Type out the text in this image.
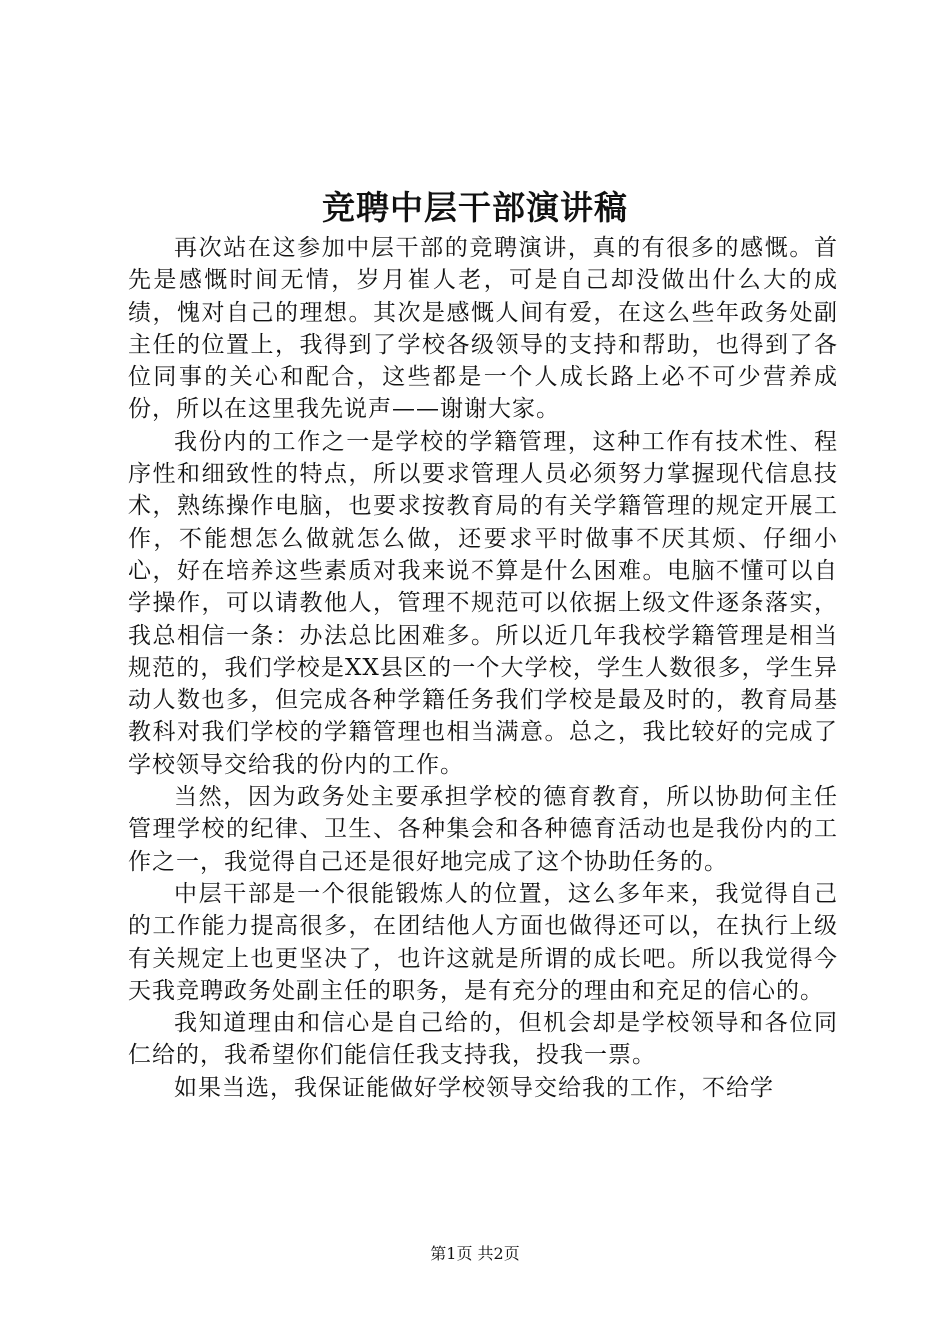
竞聘中层干部演讲稿

再次站在这参加中层干部的竞聘演讲，真的有很多的感慨。首先是感慨时间无情，岁月崔人老，可是自己却没做出什么大的成绩，愧对自己的理想。其次是感慨人间有爱，在这么些年政务处副主任的位置上，我得到了学校各级领导的支持和帮助，也得到了各位同事的关心和配合，这些都是一个人成长路上必不可少营养成份，所以在这里我先说声——谢谢大家。

我份内的工作之一是学校的学籍管理，这种工作有技术性、程序性和细致性的特点，所以要求管理人员必须努力掌握现代信息技术，熟练操作电脑，也要求按教育局的有关学籍管理的规定开展工作，不能想怎么做就怎么做，还要求平时做事不厌其烦、仔细小心，好在培养这些素质对我来说不算是什么困难。电脑不懂可以自学操作，可以请教他人，管理不规范可以依据上级文件逐条落实，我总相信一条：办法总比困难多。所以近几年我校学籍管理是相当规范的，我们学校是XX县区的一个大学校，学生人数很多，学生异动人数也多，但完成各种学籍任务我们学校是最及时的，教育局基教科对我们学校的学籍管理也相当满意。总之，我比较好的完成了学校领导交给我的份内的工作。

当然，因为政务处主要承担学校的德育教育，所以协助何主任管理学校的纪律、卫生、各种集会和各种德育活动也是我份内的工作之一，我觉得自己还是很好地完成了这个协助任务的。

中层干部是一个很能锻炼人的位置，这么多年来，我觉得自己的工作能力提高很多，在团结他人方面也做得还可以，在执行上级有关规定上也更坚决了，也许这就是所谓的成长吧。所以我觉得今天我竞聘政务处副主任的职务，是有充分的理由和充足的信心的。

我知道理由和信心是自己给的，但机会却是学校领导和各位同仁给的，我希望你们能信任我支持我，投我一票。

如果当选，我保证能做好学校领导交给我的工作，不给学

第1页 共2页
